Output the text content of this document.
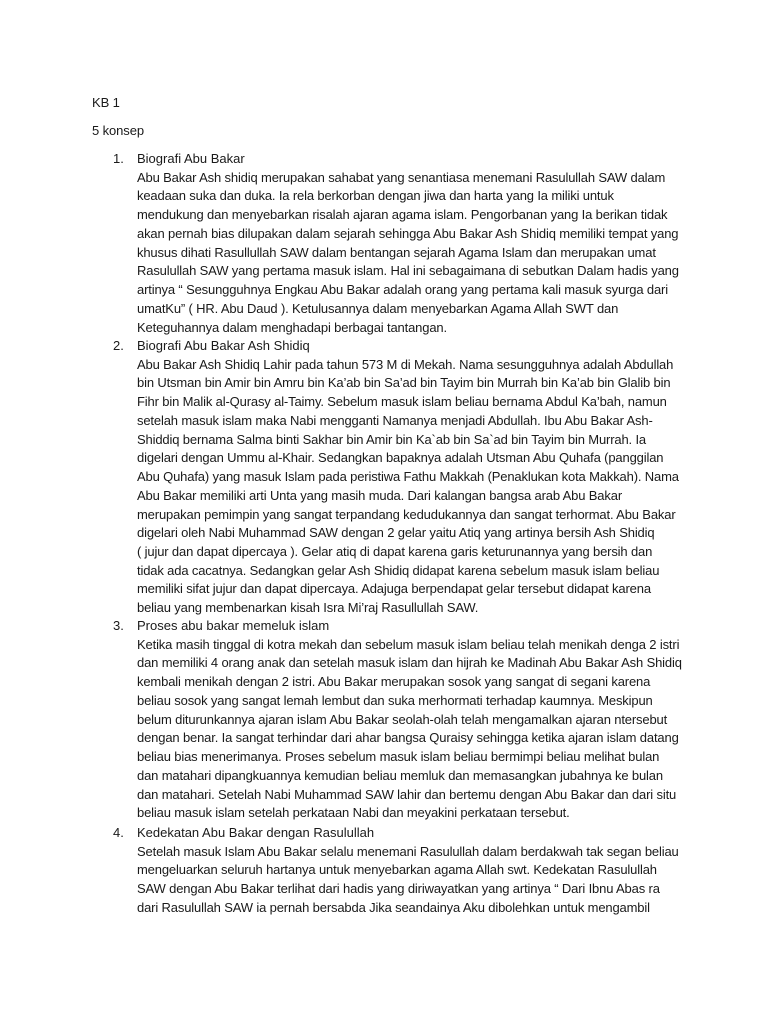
KB 1

5 konsep

1. Biografi Abu Bakar

Abu Bakar Ash shidiq merupakan sahabat yang senantiasa menemani Rasulullah SAW dalam

keadaan suka dan duka. Ia rela berkorban dengan jiwa dan harta yang Ia miliki untuk

mendukung dan menyebarkan risalah ajaran agama islam. Pengorbanan yang Ia berikan tidak

akan pernah bias dilupakan dalam sejarah sehingga Abu Bakar Ash Shidiq memiliki tempat yang

khusus dihati Rasullullah SAW dalam bentangan sejarah Agama Islam dan merupakan umat

Rasulullah SAW yang pertama masuk islam. Hal ini sebagaimana di sebutkan Dalam hadis yang

artinya “ Sesungguhnya Engkau Abu Bakar adalah orang yang pertama kali masuk syurga dari

umatKu” ( HR. Abu Daud ). Ketulusannya dalam menyebarkan Agama Allah SWT dan

Keteguhannya dalam menghadapi berbagai tantangan.

2. Biografi Abu Bakar Ash Shidiq

Abu Bakar Ash Shidiq Lahir pada tahun 573 M di Mekah. Nama sesungguhnya adalah Abdullah

bin Utsman bin Amir bin Amru bin Ka’ab bin Sa’ad bin Tayim bin Murrah bin Ka’ab bin Glalib bin

Fihr bin Malik al-Qurasy al-Taimy. Sebelum masuk islam beliau bernama Abdul Ka’bah, namun

setelah masuk islam maka Nabi mengganti Namanya menjadi Abdullah. Ibu Abu Bakar Ash-

Shiddiq bernama Salma binti Sakhar bin Amir bin Ka`ab bin Sa`ad bin Tayim bin Murrah. Ia

digelari dengan Ummu al-Khair. Sedangkan bapaknya adalah Utsman Abu Quhafa (panggilan

Abu Quhafa) yang masuk Islam pada peristiwa Fathu Makkah (Penaklukan kota Makkah). Nama

Abu Bakar memiliki arti Unta yang masih muda. Dari kalangan bangsa arab Abu Bakar

merupakan pemimpin yang sangat terpandang kedudukannya dan sangat terhormat. Abu Bakar

digelari oleh Nabi Muhammad SAW dengan 2 gelar yaitu Atiq yang artinya bersih Ash Shidiq

( jujur dan dapat dipercaya ). Gelar atiq di dapat karena garis keturunannya yang bersih dan

tidak ada cacatnya. Sedangkan gelar Ash Shidiq didapat karena sebelum masuk islam beliau

memiliki sifat jujur dan dapat dipercaya. Adajuga berpendapat gelar tersebut didapat karena

beliau yang membenarkan kisah Isra Mi’raj Rasullullah SAW.

3. Proses abu bakar memeluk islam

Ketika masih tinggal di kotra mekah dan sebelum masuk islam beliau telah menikah denga 2 istri

dan memiliki 4 orang anak dan setelah masuk islam dan hijrah ke Madinah Abu Bakar Ash Shidiq

kembali menikah dengan 2 istri. Abu Bakar merupakan sosok yang sangat di segani karena

beliau sosok yang sangat lemah lembut dan suka merhormati terhadap kaumnya. Meskipun

belum diturunkannya ajaran islam Abu Bakar seolah-olah telah mengamalkan ajaran ntersebut

dengan benar. Ia sangat terhindar dari ahar bangsa Quraisy sehingga ketika ajaran islam datang

beliau bias menerimanya. Proses sebelum masuk islam beliau bermimpi beliau melihat bulan

dan matahari dipangkuannya kemudian beliau memluk dan memasangkan jubahnya ke bulan

dan matahari. Setelah Nabi Muhammad SAW lahir dan bertemu dengan Abu Bakar dan dari situ

beliau masuk islam setelah perkataan Nabi dan meyakini perkataan tersebut.

4. Kedekatan Abu Bakar dengan Rasulullah

Setelah masuk Islam Abu Bakar selalu menemani Rasulullah dalam berdakwah tak segan beliau

mengeluarkan seluruh hartanya untuk menyebarkan agama Allah swt. Kedekatan Rasulullah

SAW dengan Abu Bakar terlihat dari hadis yang diriwayatkan yang artinya “ Dari Ibnu Abas ra

dari Rasulullah SAW ia pernah bersabda Jika seandainya Aku dibolehkan untuk mengambil
